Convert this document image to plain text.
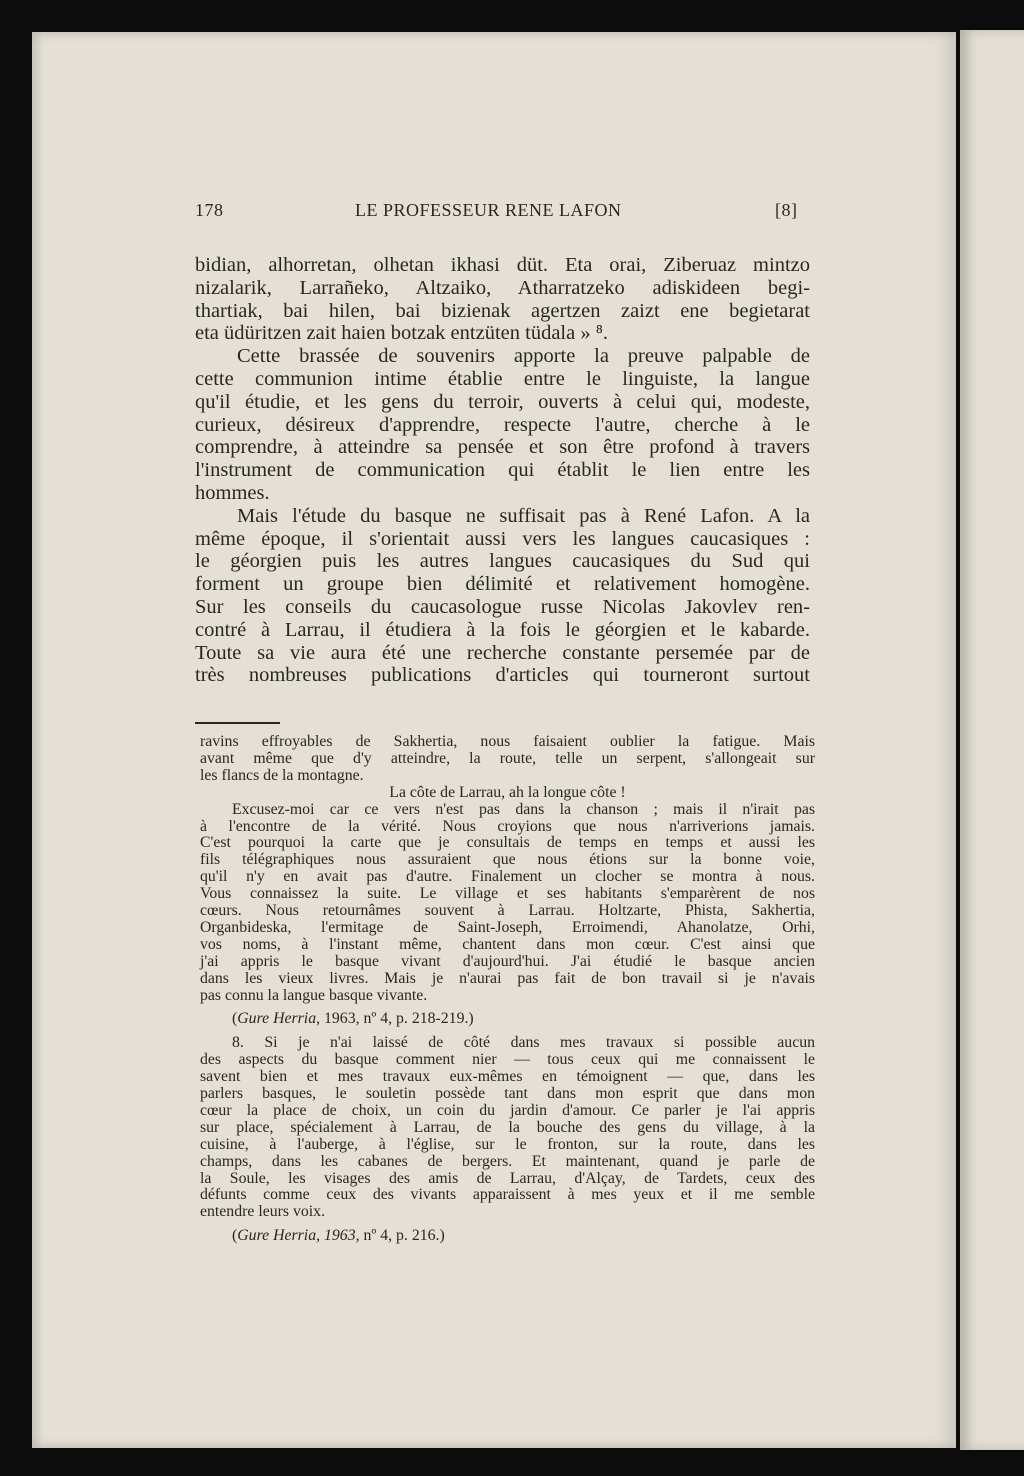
178	LE PROFESSEUR RENE LAFON	[8]
bidian, alhorretan, olhetan ikhasi düt. Eta orai, Ziberuaz mintzo
nizalarik, Larrañeko, Altzaiko, Atharratzeko adiskideen begi-
thartiak, bai hilen, bai bizienak agertzen zaizt ene begietarat
eta üdüritzen zait haien botzak entzüten tüdala » ⁸.
Cette brassée de souvenirs apporte la preuve palpable de
cette communion intime établie entre le linguiste, la langue
qu'il étudie, et les gens du terroir, ouverts à celui qui, modeste,
curieux, désireux d'apprendre, respecte l'autre, cherche à le
comprendre, à atteindre sa pensée et son être profond à travers
l'instrument de communication qui établit le lien entre les
hommes.
Mais l'étude du basque ne suffisait pas à René Lafon. A la
même époque, il s'orientait aussi vers les langues caucasiques :
le géorgien puis les autres langues caucasiques du Sud qui
forment un groupe bien délimité et relativement homogène.
Sur les conseils du caucasologue russe Nicolas Jakovlev ren-
contré à Larrau, il étudiera à la fois le géorgien et le kabarde.
Toute sa vie aura été une recherche constante persemée par de
très nombreuses publications d'articles qui tourneront surtout
ravins effroyables de Sakhertia, nous faisaient oublier la fatigue. Mais
avant même que d'y atteindre, la route, telle un serpent, s'allongeait sur
les flancs de la montagne.
La côte de Larrau, ah la longue côte !
Excusez-moi car ce vers n'est pas dans la chanson ; mais il n'irait pas
à l'encontre de la vérité. Nous croyions que nous n'arriverions jamais.
C'est pourquoi la carte que je consultais de temps en temps et aussi les
fils télégraphiques nous assuraient que nous étions sur la bonne voie,
qu'il n'y en avait pas d'autre. Finalement un clocher se montra à nous.
Vous connaissez la suite. Le village et ses habitants s'emparèrent de nos
cœurs. Nous retournâmes souvent à Larrau. Holtzarte, Phista, Sakhertia,
Organbideska, l'ermitage de Saint-Joseph, Erroimendi, Ahanolatze, Orhi,
vos noms, à l'instant même, chantent dans mon cœur. C'est ainsi que
j'ai appris le basque vivant d'aujourd'hui. J'ai étudié le basque ancien
dans les vieux livres. Mais je n'aurai pas fait de bon travail si je n'avais
pas connu la langue basque vivante.
(Gure Herria, 1963, nº 4, p. 218-219.)
8. Si je n'ai laissé de côté dans mes travaux si possible aucun
des aspects du basque comment nier — tous ceux qui me connaissent le
savent bien et mes travaux eux-mêmes en témoignent — que, dans les
parlers basques, le souletin possède tant dans mon esprit que dans mon
cœur la place de choix, un coin du jardin d'amour. Ce parler je l'ai appris
sur place, spécialement à Larrau, de la bouche des gens du village, à la
cuisine, à l'auberge, à l'église, sur le fronton, sur la route, dans les
champs, dans les cabanes de bergers. Et maintenant, quand je parle de
la Soule, les visages des amis de Larrau, d'Alçay, de Tardets, ceux des
défunts comme ceux des vivants apparaissent à mes yeux et il me semble
entendre leurs voix.
(Gure Herria, 1963, nº 4, p. 216.)
